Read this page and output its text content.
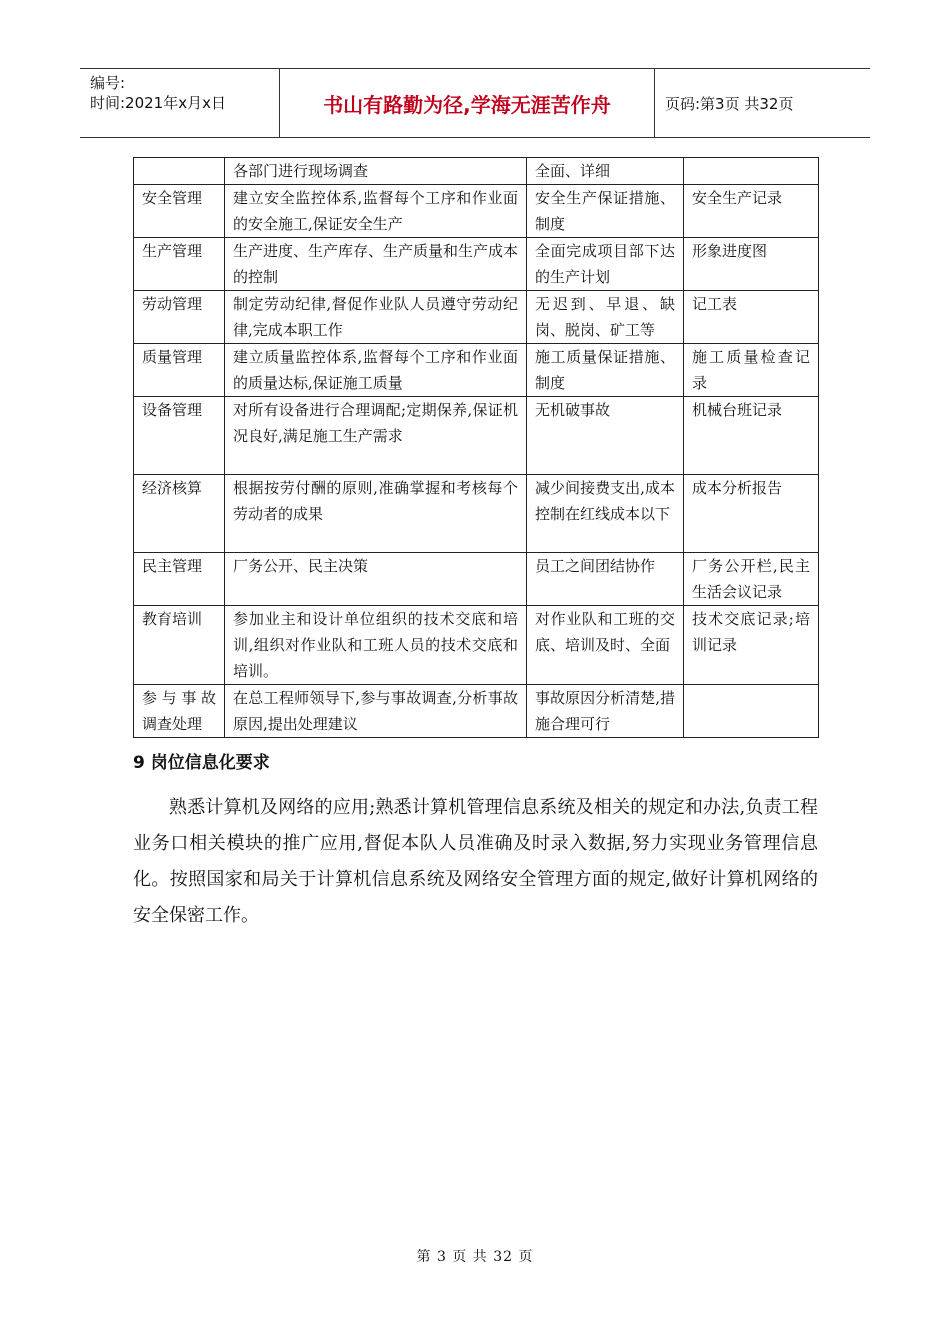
编号:
时间:2021年x月x日	书山有路勤为径,学海无涯苦作舟	页码:第3页 共32页
	各部门进行现场调查	全面、详细	
安全管理	建立安全监控体系,监督每个工序和作业面的安全施工,保证安全生产	安全生产保证措施、制度	安全生产记录
生产管理	生产进度、生产库存、生产质量和生产成本的控制	全面完成项目部下达的生产计划	形象进度图
劳动管理	制定劳动纪律,督促作业队人员遵守劳动纪律,完成本职工作	无迟到、早退、缺岗、脱岗、矿工等	记工表
质量管理	建立质量监控体系,监督每个工序和作业面的质量达标,保证施工质量	施工质量保证措施、制度	施工质量检查记录
设备管理	对所有设备进行合理调配;定期保养,保证机况良好,满足施工生产需求	无机破事故	机械台班记录
经济核算	根据按劳付酬的原则,准确掌握和考核每个劳动者的成果	减少间接费支出,成本控制在红线成本以下	成本分析报告
民主管理	厂务公开、民主决策	员工之间团结协作	厂务公开栏,民主生活会议记录
教育培训	参加业主和设计单位组织的技术交底和培训,组织对作业队和工班人员的技术交底和培训。	对作业队和工班的交底、培训及时、全面	技术交底记录;培训记录
参与事故调查处理	在总工程师领导下,参与事故调查,分析事故原因,提出处理建议	事故原因分析清楚,措施合理可行	
9 岗位信息化要求
熟悉计算机及网络的应用;熟悉计算机管理信息系统及相关的规定和办法,负责工程业务口相关模块的推广应用,督促本队人员准确及时录入数据,努力实现业务管理信息化。按照国家和局关于计算机信息系统及网络安全管理方面的规定,做好计算机网络的安全保密工作。
第 3 页 共 32 页
